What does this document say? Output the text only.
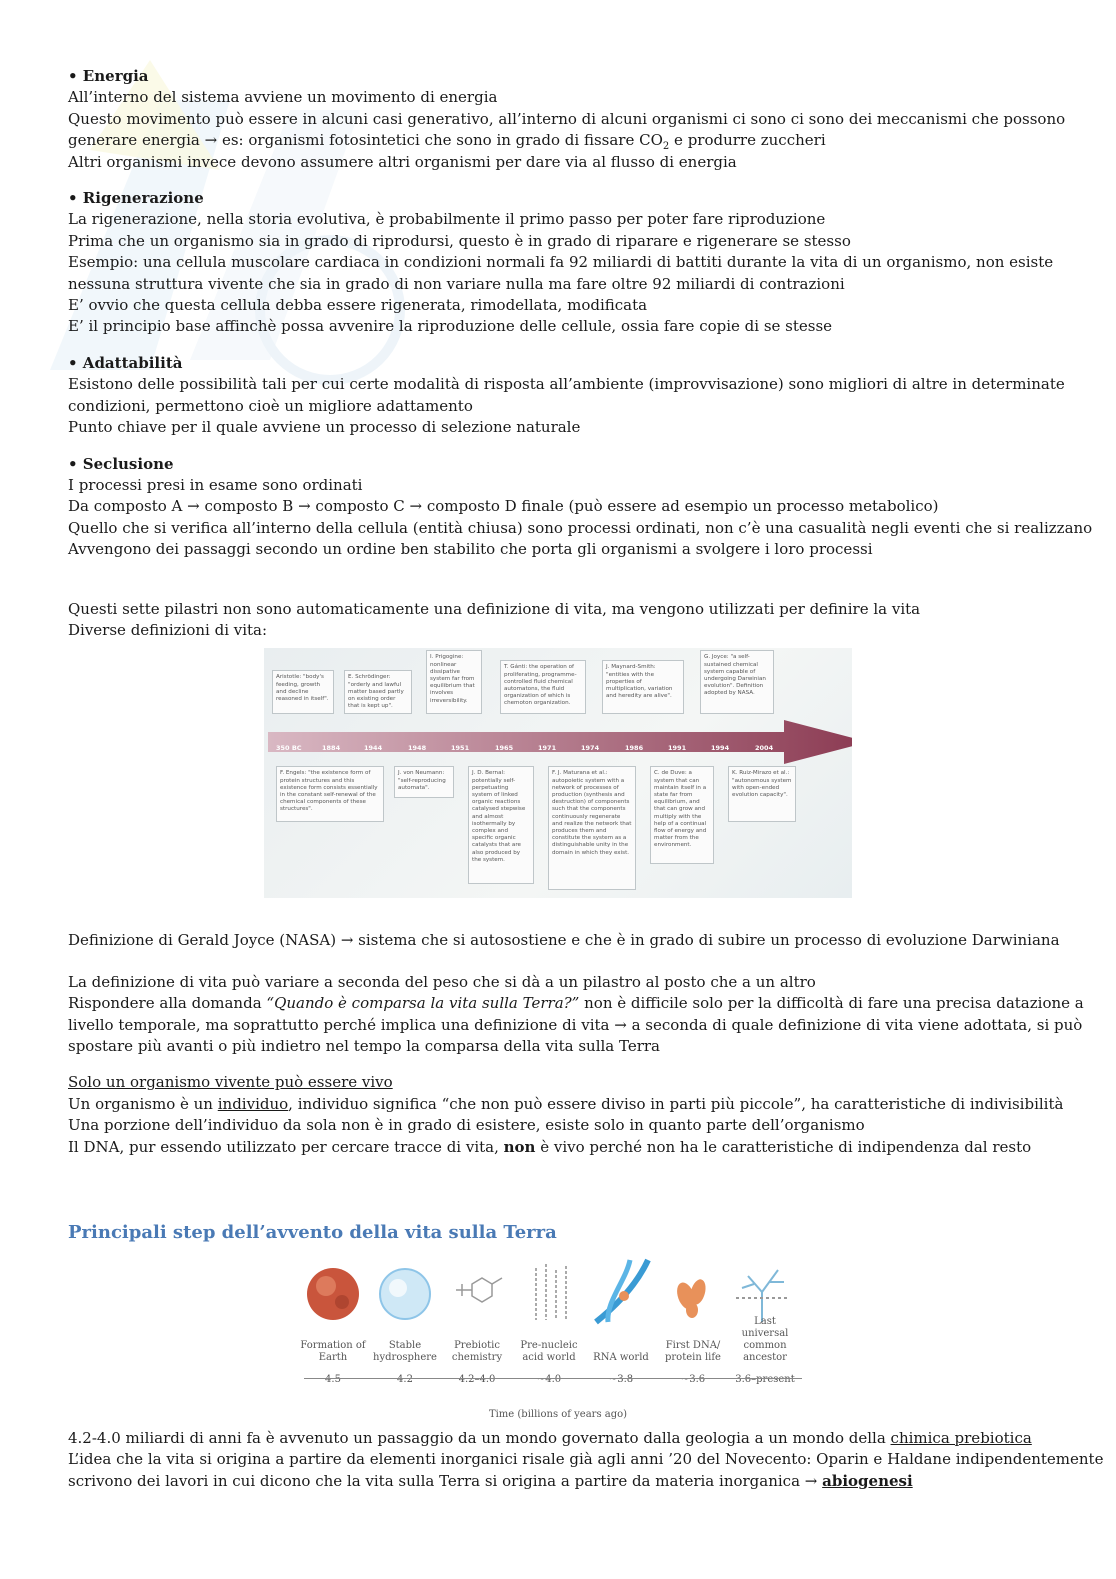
• Energia
All’interno del sistema avviene un movimento di energia
Questo movimento può essere in alcuni casi generativo, all’interno di alcuni organismi ci sono ci sono dei meccanismi che possono
generare energia → es: organismi fotosintetici che sono in grado di fissare $CO_2$ e produrre zuccheri
Altri organismi invece devono assumere altri organismi per dare via al flusso di energia
• Rigenerazione
La rigenerazione, nella storia evolutiva, è probabilmente il primo passo per poter fare riproduzione
Prima che un organismo sia in grado di riprodursi, questo è in grado di riparare e rigenerare se stesso
Esempio: una cellula muscolare cardiaca in condizioni normali fa 92 miliardi di battiti durante la vita di un organismo, non esiste
nessuna struttura vivente che sia in grado di non variare nulla ma fare oltre 92 miliardi di contrazioni
E’ ovvio che questa cellula debba essere rigenerata, rimodellata, modificata
E’ il principio base affinchè possa avvenire la riproduzione delle cellule, ossia fare copie di se stesse
• Adattabilità
Esistono delle possibilità tali per cui certe modalità di risposta all’ambiente (improvvisazione) sono migliori di altre in determinate
condizioni, permettono cioè un migliore adattamento
Punto chiave per il quale avviene un processo di selezione naturale
• Seclusione
I processi presi in esame sono ordinati
Da composto A → composto B → composto C → composto D finale (può essere ad esempio un processo metabolico)
Quello che si verifica all’interno della cellula (entità chiusa) sono processi ordinati, non c’è una casualità negli eventi che si realizzano
Avvengono dei passaggi secondo un ordine ben stabilito che porta gli organismi a svolgere i loro processi
Questi sette pilastri non sono automaticamente una definizione di vita, ma vengono utilizzati per definire la vita
Diverse definizioni di vita:
350 BC	1884	1944	1948	1951	1965	1971	1974	1986	1991	1994	2004
Aristotle: "body's feeding, growth and decline reasoned in itself".
E. Schrödinger: "orderly and lawful matter based partly on existing order that is kept up".
I. Prigogine: nonlinear dissipative system far from equilibrium that involves irreversibility.
T. Gánti: the operation of proliferating, programme-controlled fluid chemical automatons, the fluid organization of which is chemoton organization.
J. Maynard-Smith: "entities with the properties of multiplication, variation and heredity are alive".
G. Joyce: "a self-sustained chemical system capable of undergoing Darwinian evolution". Definition adopted by NASA.
F. Engels: "the existence form of protein structures and this existence form consists essentially in the constant self-renewal of the chemical components of these structures".
J. von Neumann: "self-reproducing automata".
J. D. Bernal: potentially self-perpetuating system of linked organic reactions catalysed stepwise and almost isothermally by complex and specific organic catalysts that are also produced by the system.
F. J. Maturana et al.: autopoietic system with a network of processes of production (synthesis and destruction) of components such that the components continuously regenerate and realize the network that produces them and constitute the system as a distinguishable unity in the domain in which they exist.
C. de Duve: a system that can maintain itself in a state far from equilibrium, and that can grow and multiply with the help of a continual flow of energy and matter from the environment.
K. Ruiz-Mirazo et al.: "autonomous system with open-ended evolution capacity".
Definizione di Gerald Joyce (NASA) → sistema che si autosostiene e che è in grado di subire un processo di evoluzione Darwiniana
La definizione di vita può variare a seconda del peso che si dà a un pilastro al posto che a un altro
Rispondere alla domanda “Quando è comparsa la vita sulla Terra?” non è difficile solo per la difficoltà di fare una precisa datazione a
livello temporale, ma soprattutto perché implica una definizione di vita → a seconda di quale definizione di vita viene adottata, si può
spostare più avanti o più indietro nel tempo la comparsa della vita sulla Terra
Solo un organismo vivente può essere vivo
Un organismo è un individuo, individuo significa “che non può essere diviso in parti più piccole”, ha caratteristiche di indivisibilità
Una porzione dell’individuo da sola non è in grado di esistere, esiste solo in quanto parte dell’organismo
Il DNA, pur essendo utilizzato per cercare tracce di vita, non è vivo perché non ha le caratteristiche di indipendenza dal resto
Principali step dell’avvento della vita sulla Terra
Formation of Earth
4.5
Stable hydrosphere
4.2
Prebiotic chemistry
4.2–4.0
Pre-nucleic acid world
~4.0
RNA world
~3.8
First DNA/ protein life
~3.6
Last universal common ancestor
3.6–present
Time (billions of years ago)
4.2-4.0 miliardi di anni fa è avvenuto un passaggio da un mondo governato dalla geologia a un mondo della chimica prebiotica
L’idea che la vita si origina a partire da elementi inorganici risale già agli anni ’20 del Novecento: Oparin e Haldane indipendentemente
scrivono dei lavori in cui dicono che la vita sulla Terra si origina a partire da materia inorganica → abiogenesi
